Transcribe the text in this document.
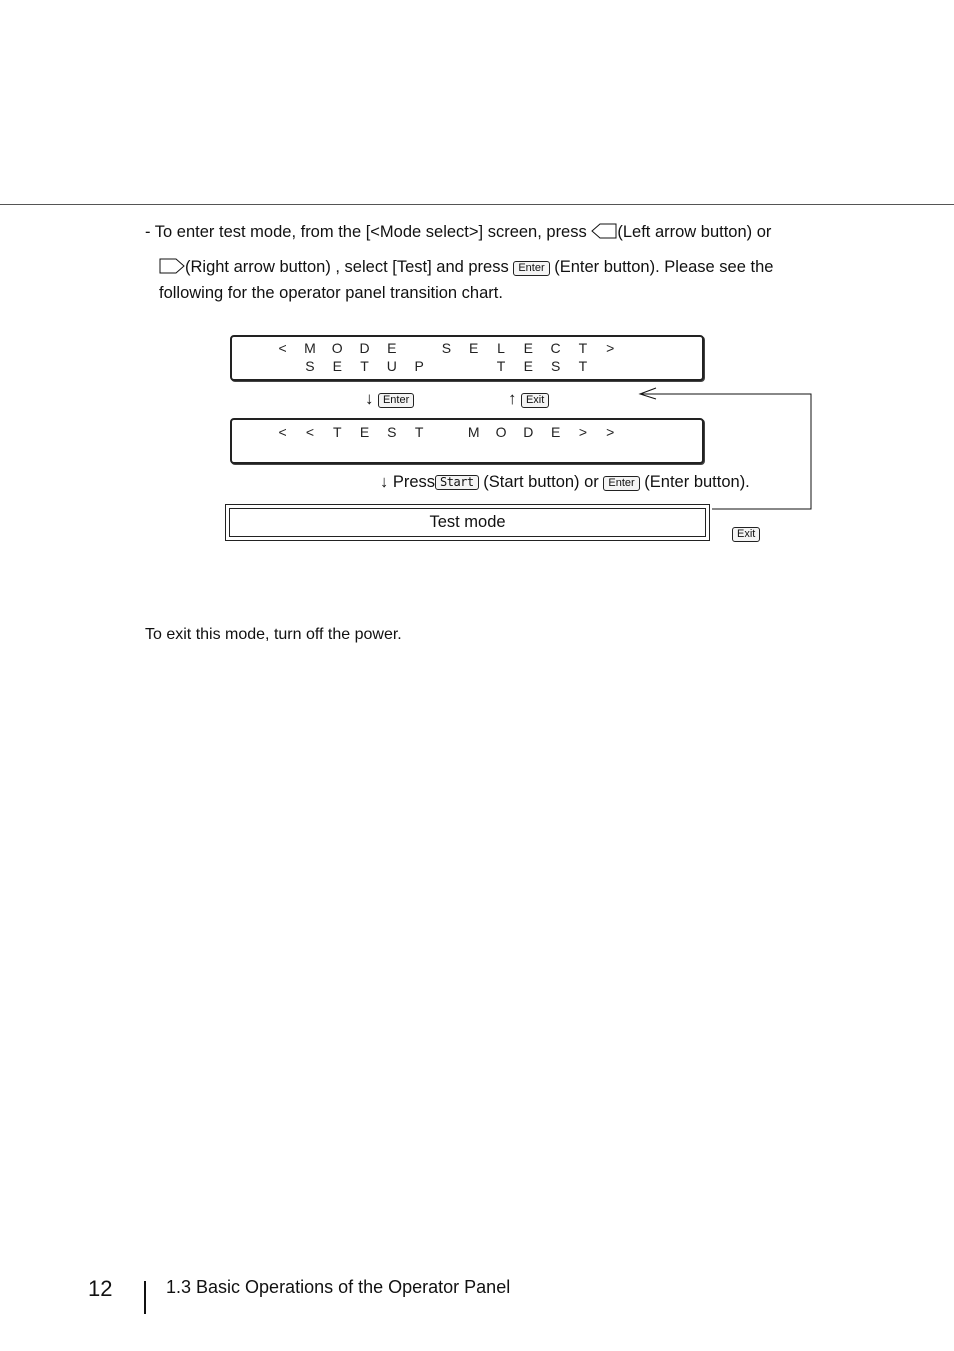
- To enter test mode, from the [<Mode select>] screen, press (Left arrow button) or
(Right arrow button) , select [Test] and press Enter (Enter button). Please see the
following for the operator panel transition chart.
< M O D E	S E L E C T >
S E T U P	T E S T
↓ Enter	↑ Exit
< < T E S T	M O D E > >
↓ Press Start (Start button) or Enter (Enter button).
Test mode
Exit
To exit this mode, turn off the power.
12	1.3 Basic Operations of the Operator Panel
